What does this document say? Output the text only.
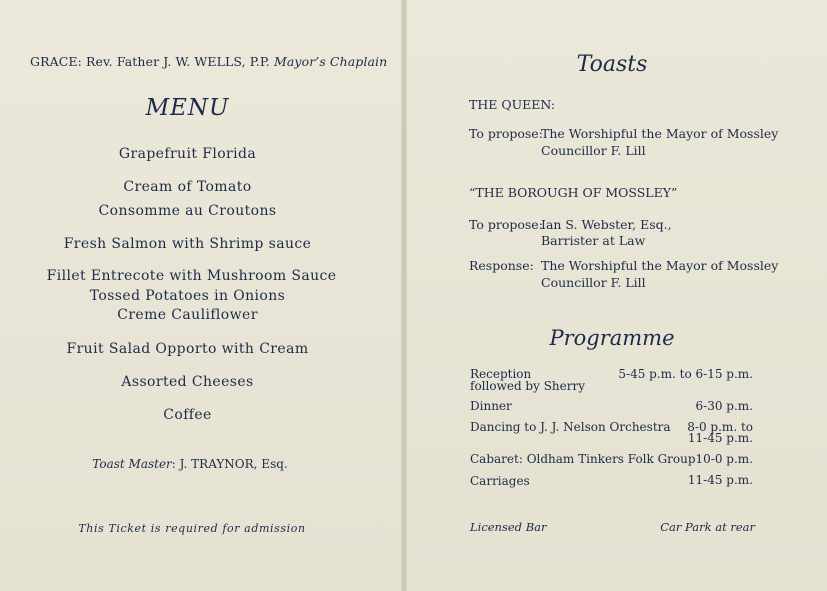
GRACE: Rev. Father J. W. WELLS, P.P. Mayor’s Chaplain
MENU
Grapefruit Florida
Cream of Tomato
Consomme au Croutons
Fresh Salmon with Shrimp sauce
Fillet Entrecote with Mushroom Sauce
Tossed Potatoes in Onions
Creme Cauliflower
Fruit Salad Opporto with Cream
Assorted Cheeses
Coffee
Toast Master: J. TRAYNOR, Esq.
This Ticket is required for admission
Toasts
THE QUEEN:
To propose:
The Worshipful the Mayor of Mossley
Councillor F. Lill
“THE BOROUGH OF MOSSLEY”
To propose:
Ian S. Webster, Esq.,
Barrister at Law
Response: The Worshipful the Mayor of Mossley
Councillor F. Lill
Programme
Reception
followed by Sherry
5-45 p.m. to 6-15 p.m.
Dinner	6-30 p.m.
Dancing to J. J. Nelson Orchestra 8-0 p.m. to
11-45 p.m.
Cabaret: Oldham Tinkers Folk Group 10-0 p.m.
Carriages	11-45 p.m.
Licensed Bar	Car Park at rear
